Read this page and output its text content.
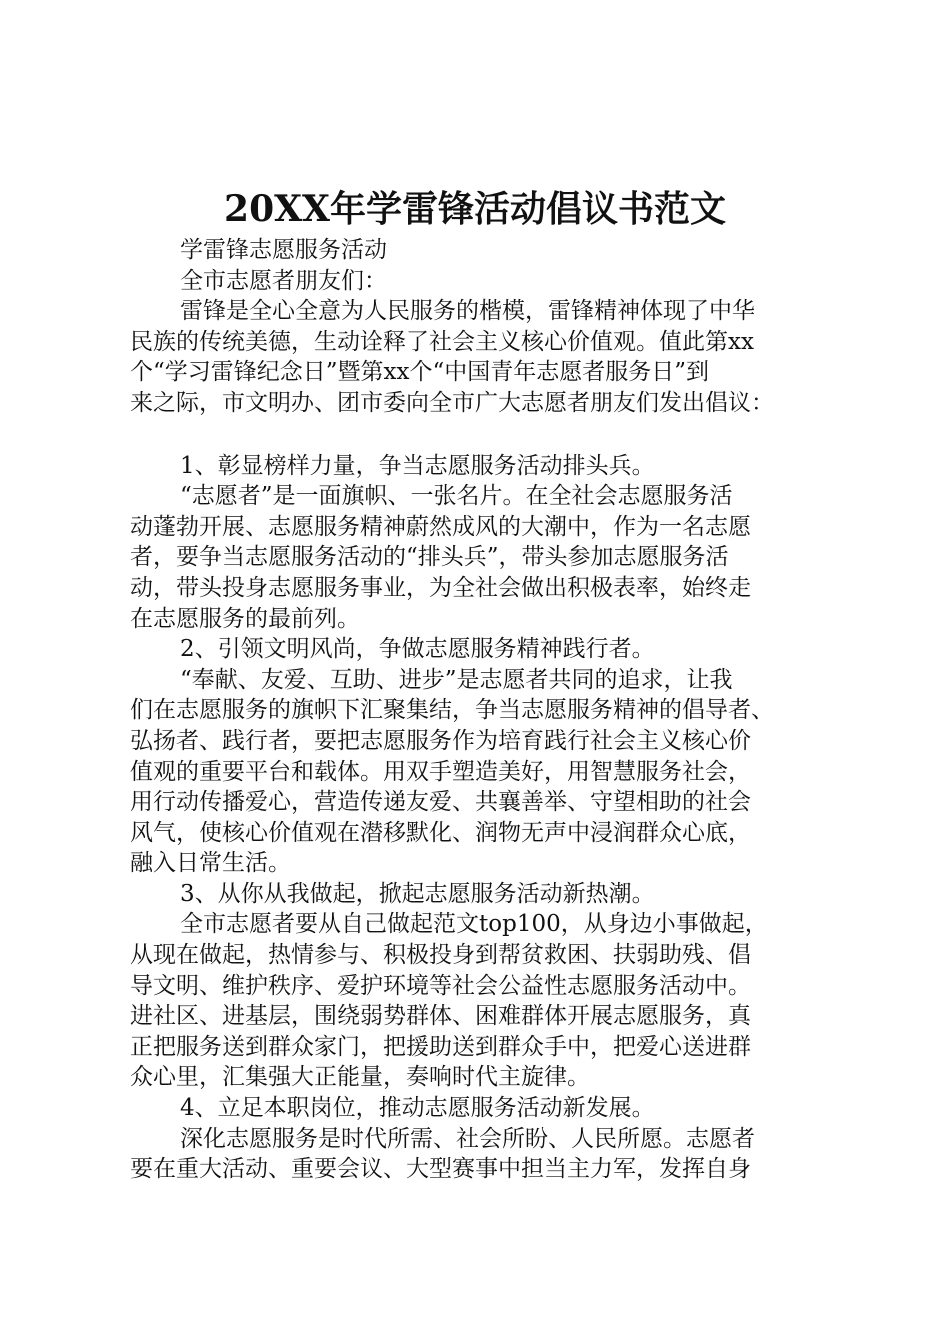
20XX年学雷锋活动倡议书范文
学雷锋志愿服务活动
全市志愿者朋友们：
雷锋是全心全意为人民服务的楷模，雷锋精神体现了中华
民族的传统美德，生动诠释了社会主义核心价值观。值此第xx
个“学习雷锋纪念日”暨第xx个“中国青年志愿者服务日”到
来之际，市文明办、团市委向全市广大志愿者朋友们发出倡议：
1、彰显榜样力量，争当志愿服务活动排头兵。
“志愿者”是一面旗帜、一张名片。在全社会志愿服务活
动蓬勃开展、志愿服务精神蔚然成风的大潮中，作为一名志愿
者，要争当志愿服务活动的“排头兵”，带头参加志愿服务活
动，带头投身志愿服务事业，为全社会做出积极表率，始终走
在志愿服务的最前列。
2、引领文明风尚，争做志愿服务精神践行者。
“奉献、友爱、互助、进步”是志愿者共同的追求，让我
们在志愿服务的旗帜下汇聚集结，争当志愿服务精神的倡导者、
弘扬者、践行者，要把志愿服务作为培育践行社会主义核心价
值观的重要平台和载体。用双手塑造美好，用智慧服务社会，
用行动传播爱心，营造传递友爱、共襄善举、守望相助的社会
风气，使核心价值观在潜移默化、润物无声中浸润群众心底，
融入日常生活。
3、从你从我做起，掀起志愿服务活动新热潮。
全市志愿者要从自己做起范文top100，从身边小事做起，
从现在做起，热情参与、积极投身到帮贫救困、扶弱助残、倡
导文明、维护秩序、爱护环境等社会公益性志愿服务活动中。
进社区、进基层，围绕弱势群体、困难群体开展志愿服务，真
正把服务送到群众家门，把援助送到群众手中，把爱心送进群
众心里，汇集强大正能量，奏响时代主旋律。
4、立足本职岗位，推动志愿服务活动新发展。
深化志愿服务是时代所需、社会所盼、人民所愿。志愿者
要在重大活动、重要会议、大型赛事中担当主力军，发挥自身
